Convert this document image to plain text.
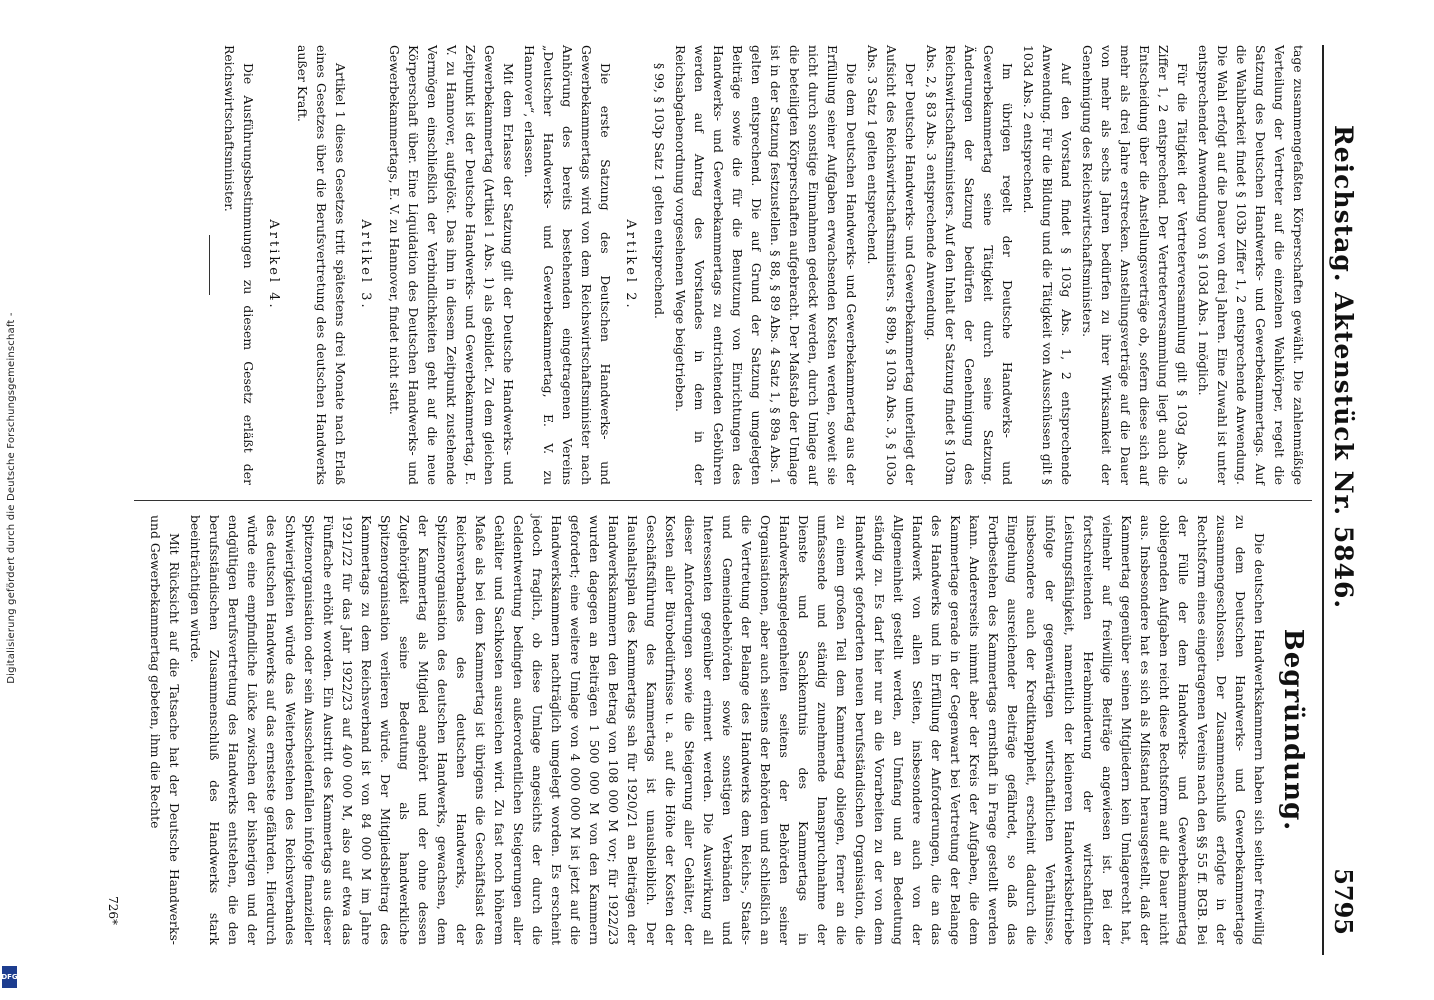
Digitalisierung gefördert durch die Deutsche Forschungsgemeinschaft -
DFG
Reichstag. Aktenstück Nr. 5846.
5795

tage zusammengefaßten Körperschaften gewählt. Die zahlenmäßige Verteilung der Vertreter auf die einzelnen Wahlkörper, regelt die Satzung des Deutschen Handwerks- und Gewerbekammertags. Auf die Wahlbarkeit findet § 103b Ziffer 1, 2 entsprechende Anwendung. Die Wahl erfolgt auf die Dauer von drei Jahren. Eine Zuwahl ist unter entsprechender Anwendung von § 103d Abs. 1 möglich.

Für die Tätigkeit der Vertreterversammlung gilt § 103g Abs. 3 Ziffer 1, 2 entsprechend. Der Vertreterversammlung liegt auch die Entscheidung über die Anstellungsverträge ob, sofern diese sich auf mehr als drei Jahre erstrecken. Anstellungsverträge auf die Dauer von mehr als sechs Jahren bedürfen zu ihrer Wirksamkeit der Genehmigung des Reichswirtschaftsministers.

Auf den Vorstand findet § 103g Abs. 1, 2 entsprechende Anwendung. Für die Bildung und die Tätigkeit von Ausschüssen gilt § 103d Abs. 2 entsprechend.

Im übrigen regelt der Deutsche Handwerks- und Gewerbekammertag seine Tätigkeit durch seine Satzung. Änderungen der Satzung bedürfen der Genehmigung des Reichswirtschaftsministers. Auf den Inhalt der Satzung findet § 103m Abs. 2, § 83 Abs. 3 entsprechende Anwendung.

Der Deutsche Handwerks- und Gewerbekammertag unterliegt der Aufsicht des Reichswirtschaftsministers. § 89b, § 103n Abs. 3, § 103o Abs. 3 Satz 1 gelten entsprechend.

Die dem Deutschen Handwerks- und Gewerbekammertag aus der Erfüllung seiner Aufgaben erwachsenden Kosten werden, soweit sie nicht durch sonstige Einnahmen gedeckt werden, durch Umlage auf die beteiligten Körperschaften aufgebracht. Der Maßstab der Umlage ist in der Satzung festzustellen. § 88, § 89 Abs. 4 Satz 1, § 89a Abs. 1 gelten entsprechend. Die auf Grund der Satzung umgelegten Beiträge sowie die für die Benutzung von Einrichtungen des Handwerks- und Gewerbekammertags zu entrichtenden Gebühren werden auf Antrag des Vorstandes in dem in der Reichsabgabenordnung vorgesehenen Wege beigetrieben.

§ 99, § 103p Satz 1 gelten entsprechend.

Artikel 2.

Die erste Satzung des Deutschen Handwerks- und Gewerbekammertags wird von dem Reichswirtschaftsminister nach Anhörung des bereits bestehenden eingetragenen Vereins „Deutscher Handwerks- und Gewerbekammertag, E. V. zu Hannover“, erlassen.

Mit dem Erlasse der Satzung gilt der Deutsche Handwerks- und Gewerbekammertag (Artikel 1 Abs. 1) als gebildet. Zu dem gleichen Zeitpunkt ist der Deutsche Handwerks- und Gewerbekammertag, E. V. zu Hannover, aufgelöst. Das ihm in diesem Zeitpunkt zustehende Vermögen einschließlich der Verbindlichkeiten geht auf die neue Körperschaft über. Eine Liquidation des Deutschen Handwerks- und Gewerbekammertags, E. V. zu Hannover, findet nicht statt.

Artikel 3.

Artikel 1 dieses Gesetzes tritt spätestens drei Monate nach Erlaß eines Gesetzes über die Berufsvertretung des deutschen Handwerks außer Kraft.

Artikel 4.

Die Ausführungsbestimmungen zu diesem Gesetz erläßt der Reichswirtschaftsminister.

Begründung.

Die deutschen Handwerkskammern haben sich seither freiwillig zu dem Deutschen Handwerks- und Gewerbekammertage zusammengeschlossen. Der Zusammenschluß erfolgte in der Rechtsform eines eingetragenen Vereins nach den §§ 55 ff. BGB. Bei der Fülle der dem Handwerks- und Gewerbekammertag obliegenden Aufgaben reicht diese Rechtsform auf die Dauer nicht aus. Insbesondere hat es sich als Mißstand herausgestellt, daß der Kammertag gegenüber seinen Mitgliedern kein Umlagerecht hat, vielmehr auf freiwillige Beiträge angewiesen ist. Bei der fortschreitenden Herabminderung der wirtschaftlichen Leistungsfähigkeit, namentlich der kleineren Handwerksbetriebe infolge der gegenwärtigen wirtschaftlichen Verhältnisse, insbesondere auch der Kreditknappheit, erscheint dadurch die Eingehung ausreichender Beiträge gefährdet, so daß das Fortbestehen des Kammertags ernsthaft in Frage gestellt werden kann. Andererseits nimmt aber der Kreis der Aufgaben, die dem Kammertage gerade in der Gegenwart bei Vertretung der Belange des Handwerks und in Erfüllung der Anforderungen, die an das Handwerk von allen Seiten, insbesondere auch von der Allgemeinheit gestellt werden, an Umfang und an Bedeutung ständig zu. Es darf hier nur an die Vorarbeiten zu der von dem Handwerk geforderten neuen berufsständischen Organisation, die zu einem großen Teil dem Kammertag obliegen, ferner an die umfassende und ständig zunehmende Inanspruchnahme der Dienste und Sachkenntnis des Kammertags in Handwerksangelegenheiten seitens der Behörden seiner Organisationen, aber auch seitens der Behörden und schließlich an die Vertretung der Belange des Handwerks dem Reichs-, Staats- und Gemeindebehörden sowie sonstigen Verbänden und Interessenten gegenüber erinnert werden. Die Auswirkung all dieser Anforderungen sowie die Steigerung aller Gehälter, der Kosten aller Bürobedürfnisse u. a. auf die Höhe der Kosten der Geschäftsführung des Kammertags ist unausbleiblich. Der Haushaltsplan des Kammertags sah für 1920/21 an Beiträgen der Handwerkskammern den Betrag von 108 000 M vor; für 1922/23 wurden dagegen an Beiträgen 1 500 000 M von den Kammern gefordert; eine weitere Umlage von 4 000 000 M ist jetzt auf die Handwerkskammern nachträglich umgelegt worden. Es erscheint jedoch fraglich, ob diese Umlage angesichts der durch die Geldentwertung bedingten außerordentlichen Steigerungen aller Gehälter und Sachkosten ausreichen wird. Zu fast noch höherem Maße als bei dem Kammertag ist übrigens die Geschäftslast des Reichsverbandes des deutschen Handwerks, der Spitzenorganisation des deutschen Handwerks, gewachsen, dem der Kammertag als Mitglied angehört und der ohne dessen Zugehörigkeit seine Bedeutung als handwerkliche Spitzenorganisation verlieren würde. Der Mitgliedsbeitrag des Kammertags zu dem Reichsverband ist von 84 000 M im Jahre 1921/22 für das Jahr 1922/23 auf 400 000 M, also auf etwa das Fünffache erhöht worden. Ein Austritt des Kammertags aus dieser Spitzenorganisation oder sein Ausscheidenfallen infolge finanzieller Schwierigkeiten würde das Weiterbestehen des Reichsverbandes des deutschen Handwerks auf das ernsteste gefährden. Hierdurch würde eine empfindliche Lücke zwischen der bisherigen und der endgültigen Berufsvertretung des Handwerks entstehen, die den berufsständischen Zusammenschluß des Handwerks stark beeinträchtigen würde.

Mit Rücksicht auf die Tatsache hat der Deutsche Handwerks- und Gewerbekammertag gebeten, ihm die Rechte

726*
